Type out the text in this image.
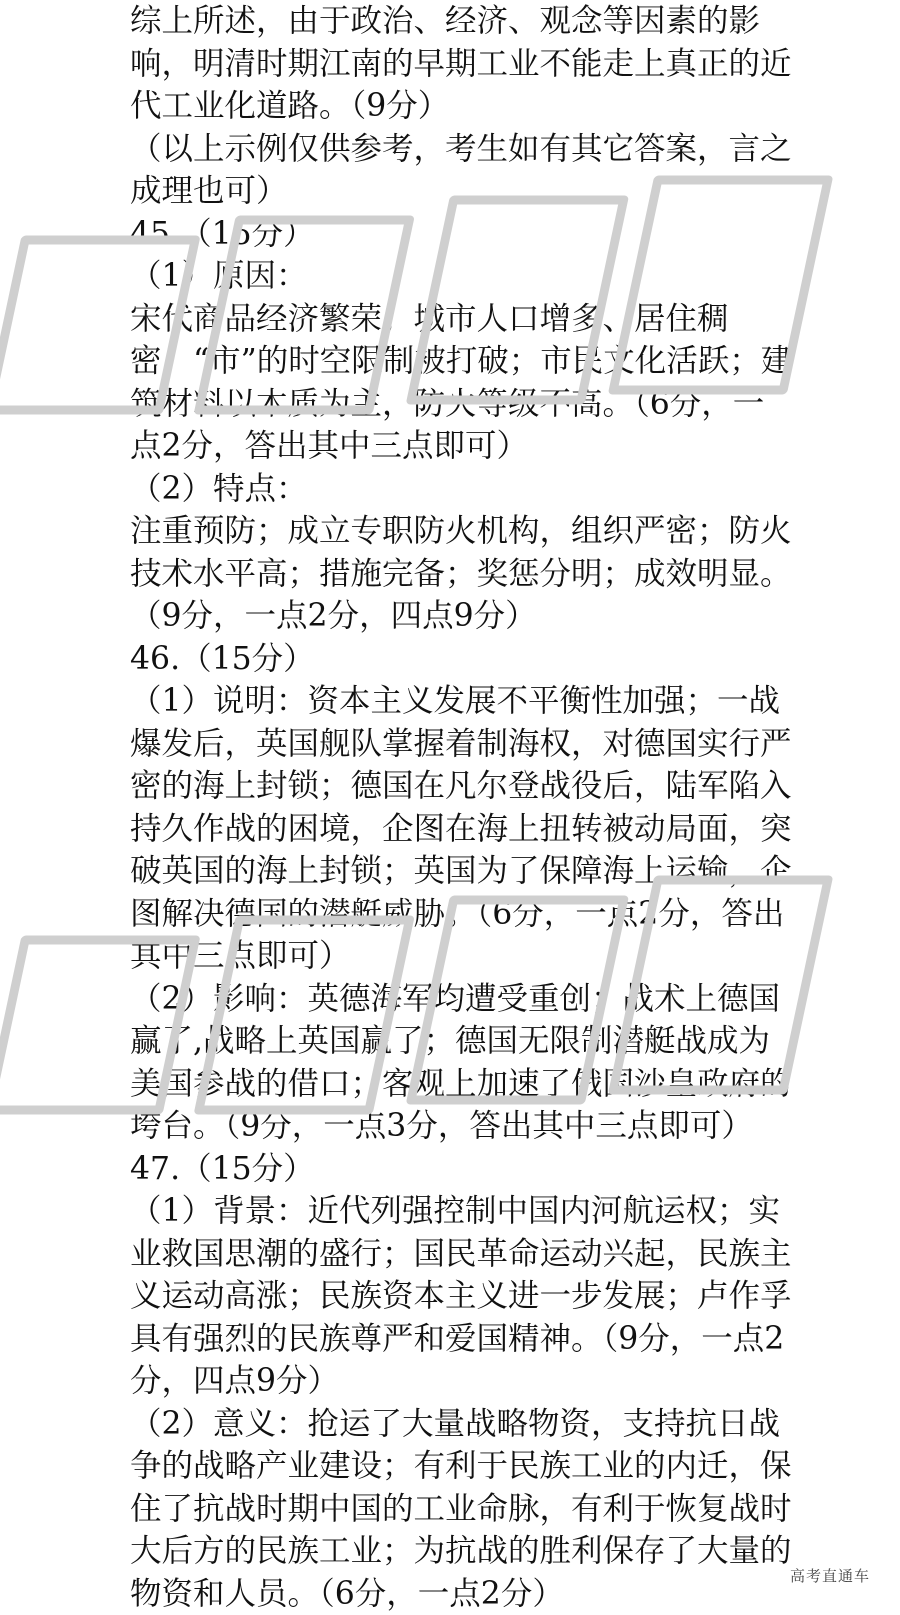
综上所述，由于政治、经济、观念等因素的影
响，明清时期江南的早期工业不能走上真正的近
代工业化道路。（9分）
（以上示例仅供参考，考生如有其它答案，言之
成理也可）
45.（15分）
（1）原因：
宋代商品经济繁荣；城市人口增多、居住稠
密；“市”的时空限制被打破；市民文化活跃；建
筑材料以木质为主，防火等级不高。（6分，一
点2分，答出其中三点即可）
（2）特点：
注重预防；成立专职防火机构，组织严密；防火
技术水平高；措施完备；奖惩分明；成效明显。
（9分，一点2分，四点9分）
46.（15分）
（1）说明：资本主义发展不平衡性加强；一战
爆发后，英国舰队掌握着制海权，对德国实行严
密的海上封锁；德国在凡尔登战役后，陆军陷入
持久作战的困境，企图在海上扭转被动局面，突
破英国的海上封锁；英国为了保障海上运输，企
图解决德国的潜艇威胁。（6分，一点2分，答出
其中三点即可）
（2）影响：英德海军均遭受重创；战术上德国
赢了,战略上英国赢了；德国无限制潜艇战成为
美国参战的借口；客观上加速了俄国沙皇政府的
垮台。（9分，一点3分，答出其中三点即可）
47.（15分）
（1）背景：近代列强控制中国内河航运权；实
业救国思潮的盛行；国民革命运动兴起，民族主
义运动高涨；民族资本主义进一步发展；卢作孚
具有强烈的民族尊严和爱国精神。（9分，一点2
分，四点9分）
（2）意义：抢运了大量战略物资，支持抗日战
争的战略产业建设；有利于民族工业的内迁，保
住了抗战时期中国的工业命脉，有利于恢复战时
大后方的民族工业；为抗战的胜利保存了大量的
物资和人员。（6分，一点2分）	高考直通车
